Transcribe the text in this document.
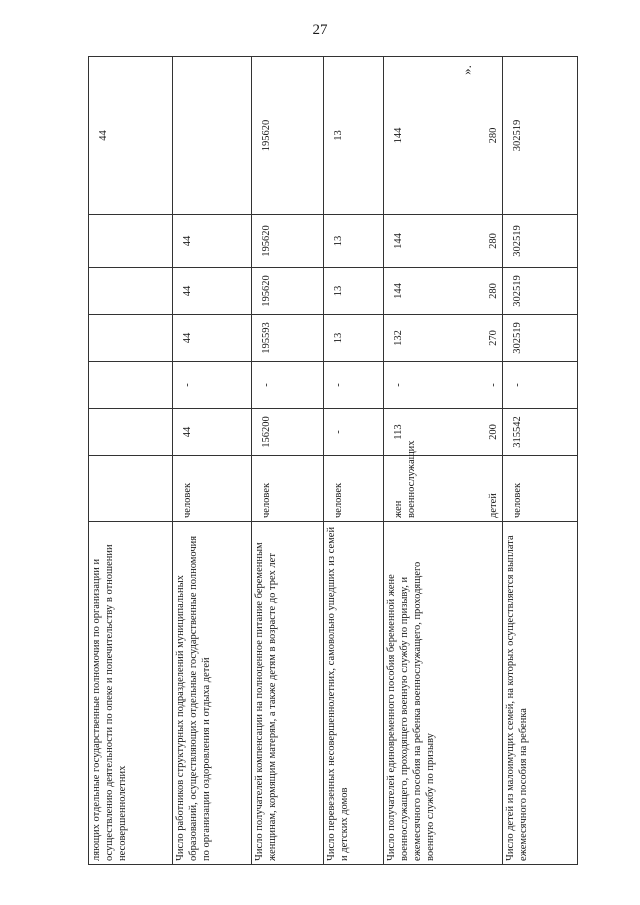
27
ляющих отдельные государственные полномочия по организации и осуществлению деятельности по опеке и попечительству в отношении несовершеннолетних							44
Число работников структурных подразделений муниципальных образований, осуществляющих отдельные государственные полномочия по организации оздоровления и отдыха детей	человек	44	-	44	44	44	
Число получателей компенсации на полноценное питание беременным женщинам, кормящим матерям, а также детям в возрасте до трех лет	человек	156200	-	195593	195620	195620	195620
Число перевезенных несовершеннолетних, самовольно ушедших из семей и детских домов	человек	-	-	13	13	13	13
Число получателей единовременного пособия беременной жене военнослужащего, проходящего военную службу по призыву, и ежемесячного пособия на ребенка военнослужащего, проходящего военную службу по призыву	жен военнослужащих детей	113 200	- -	132 270	144 280	144 280	144 280

Число детей из малоимущих семей, на которых осуществляется выплата ежемесячного пособия на ребенка	человек	315542	-	302519	302519	302519	302519
».
